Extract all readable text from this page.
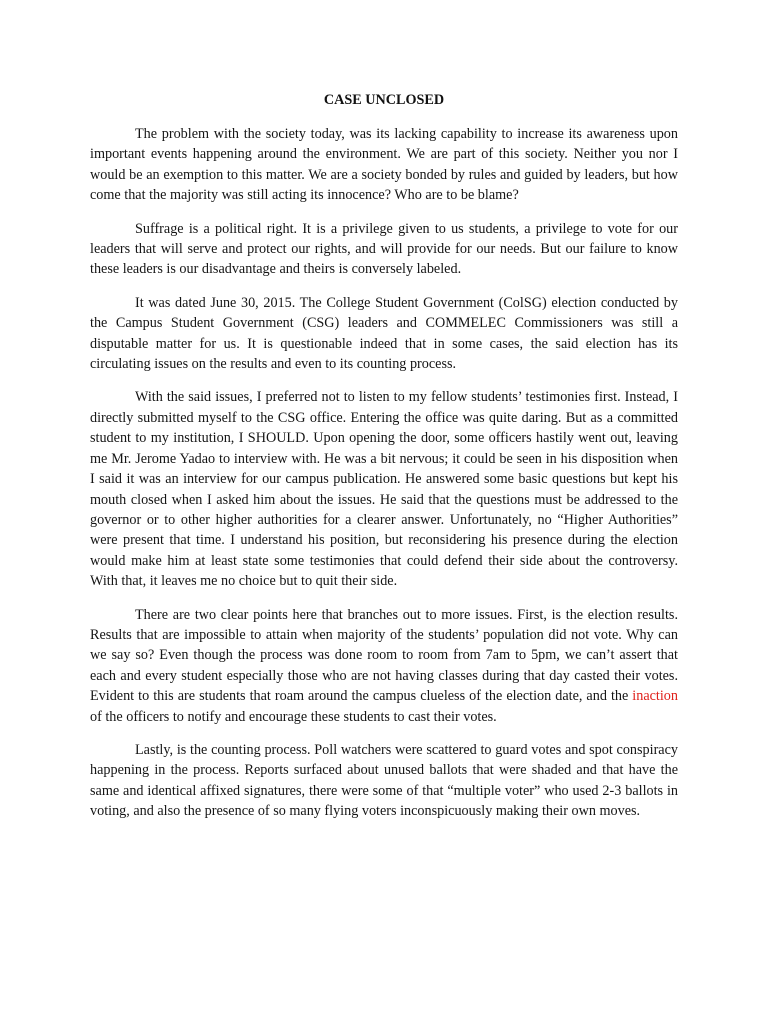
CASE UNCLOSED

The problem with the society today, was its lacking capability to increase its awareness upon important events happening around the environment. We are part of this society. Neither you nor I would be an exemption to this matter. We are a society bonded by rules and guided by leaders, but how come that the majority was still acting its innocence? Who are to be blame?

Suffrage is a political right. It is a privilege given to us students, a privilege to vote for our leaders that will serve and protect our rights, and will provide for our needs. But our failure to know these leaders is our disadvantage and theirs is conversely labeled.

It was dated June 30, 2015. The College Student Government (ColSG) election conducted by the Campus Student Government (CSG) leaders and COMMELEC Commissioners was still a disputable matter for us. It is questionable indeed that in some cases, the said election has its circulating issues on the results and even to its counting process.

With the said issues, I preferred not to listen to my fellow students’ testimonies first. Instead, I directly submitted myself to the CSG office. Entering the office was quite daring. But as a committed student to my institution, I SHOULD. Upon opening the door, some officers hastily went out, leaving me Mr. Jerome Yadao to interview with. He was a bit nervous; it could be seen in his disposition when I said it was an interview for our campus publication. He answered some basic questions but kept his mouth closed when I asked him about the issues. He said that the questions must be addressed to the governor or to other higher authorities for a clearer answer. Unfortunately, no “Higher Authorities” were present that time. I understand his position, but reconsidering his presence during the election would make him at least state some testimonies that could defend their side about the controversy. With that, it leaves me no choice but to quit their side.

There are two clear points here that branches out to more issues. First, is the election results. Results that are impossible to attain when majority of the students’ population did not vote. Why can we say so? Even though the process was done room to room from 7am to 5pm, we can’t assert that each and every student especially those who are not having classes during that day casted their votes. Evident to this are students that roam around the campus clueless of the election date, and the inaction of the officers to notify and encourage these students to cast their votes.

Lastly, is the counting process. Poll watchers were scattered to guard votes and spot conspiracy happening in the process. Reports surfaced about unused ballots that were shaded and that have the same and identical affixed signatures, there were some of that “multiple voter” who used 2-3 ballots in voting, and also the presence of so many flying voters inconspicuously making their own moves.
